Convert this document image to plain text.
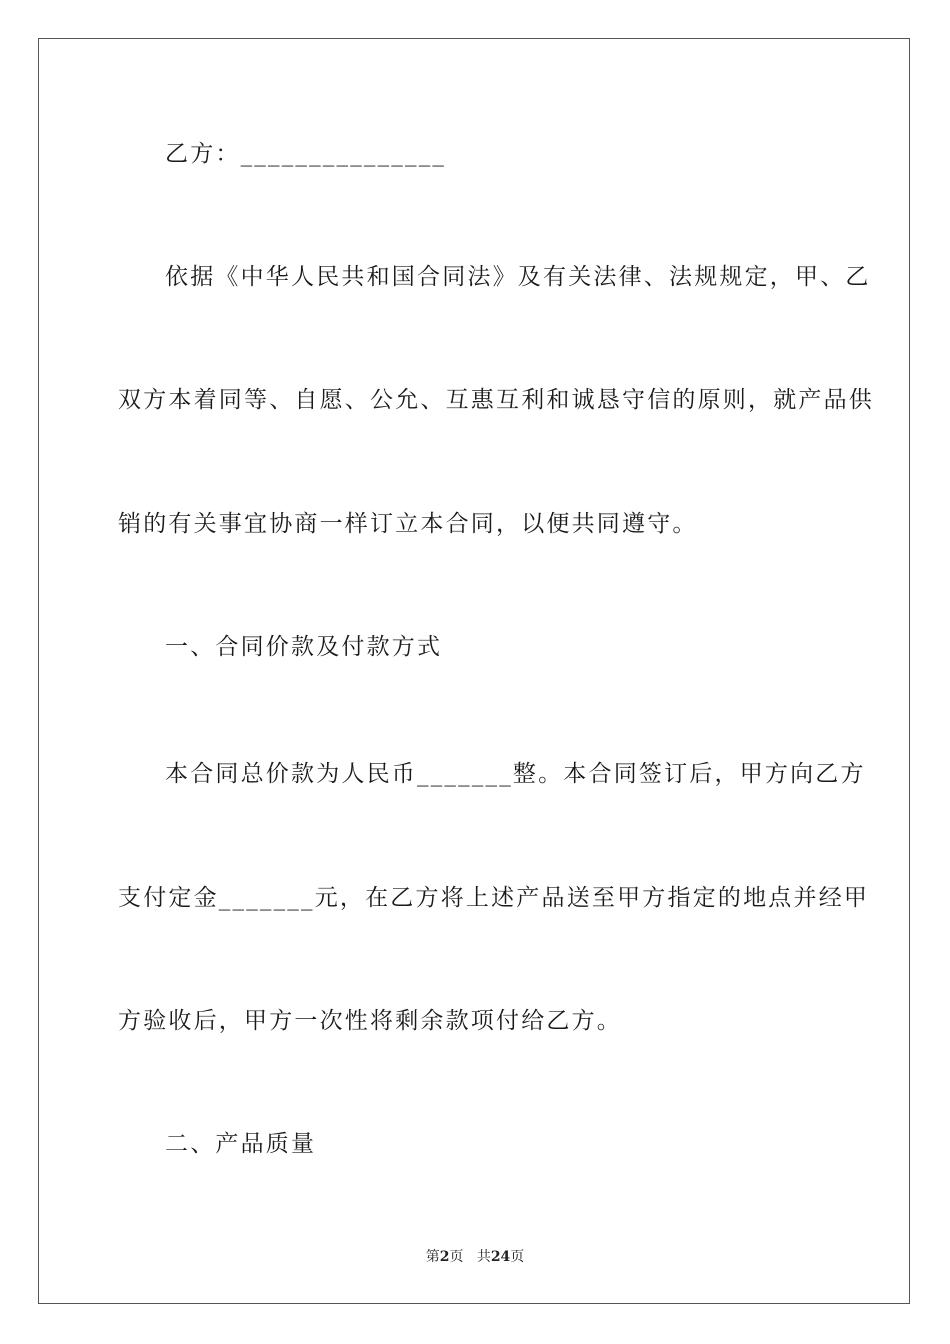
乙方：_______________
依据《中华人民共和国合同法》及有关法律、法规规定，甲、乙
双方本着同等、自愿、公允、互惠互利和诚恳守信的原则，就产品供
销的有关事宜协商一样订立本合同，以便共同遵守。
一、合同价款及付款方式
本合同总价款为人民币_______整。本合同签订后，甲方向乙方
支付定金_______元，在乙方将上述产品送至甲方指定的地点并经甲
方验收后，甲方一次性将剩余款项付给乙方。
二、产品质量
第2页 共24页
